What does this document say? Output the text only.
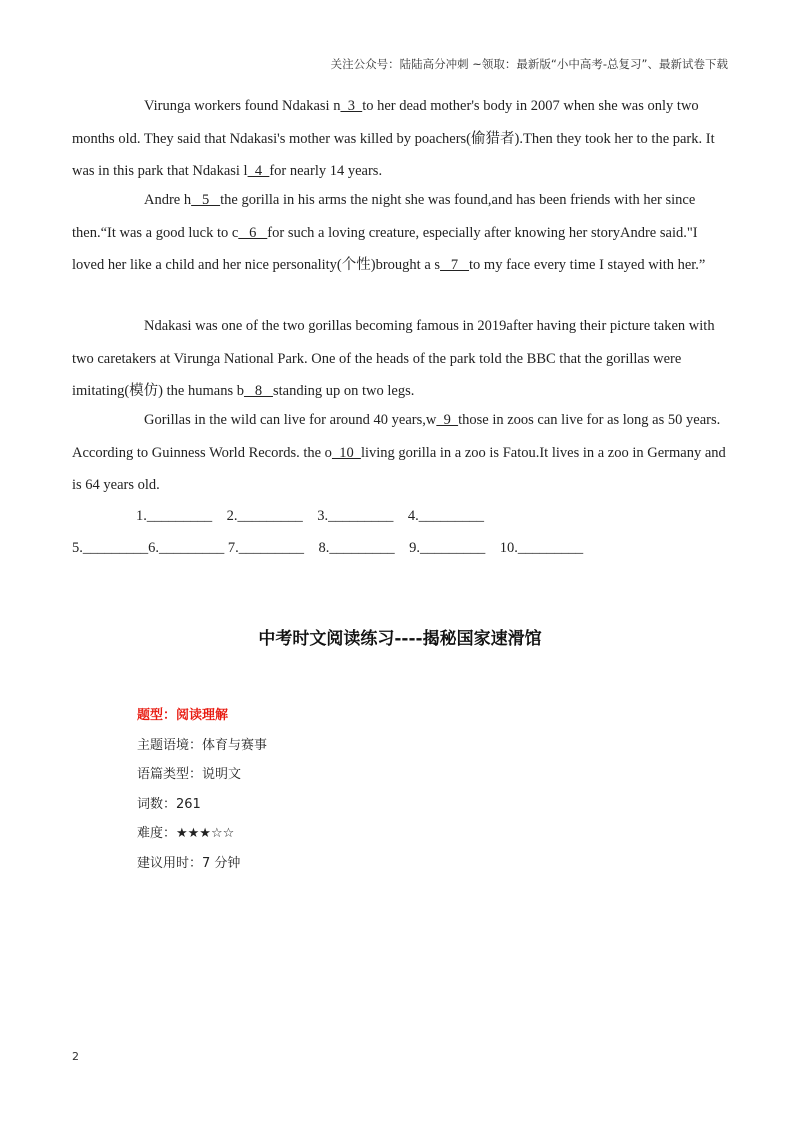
关注公众号：陆陆高分冲刺 ~领取：最新版“小中高考-总复习”、最新试卷下载

Virunga workers found Ndakasi n  3  to her dead mother's body in 2007 when she was only two months old. They said that Ndakasi's mother was killed by poachers(偷猎者).Then they took her to the park. It was in this park that Ndakasi l  4  for nearly 14 years.

Andre h   5   the gorilla in his arms the night she was found,and has been friends with her since then.“It was a good luck to c   6   for such a loving creature, especially after knowing her storyAndre said."I loved her like a child and her nice personality(个性)brought a s   7   to my face every time I stayed with her.”

Ndakasi was one of the two gorillas becoming famous in 2019after having their picture taken with two caretakers at Virunga National Park. One of the heads of the park told the BBC that the gorillas were imitating(模仿) the humans b   8   standing up on two legs.

Gorillas in the wild can live for around 40 years,w  9  those in zoos can live for as long as 50 years. According to Guinness World Records. the o  10  living gorilla in a zoo is Fatou.It lives in a zoo in Germany and is 64 years old.

1._________    2._________    3._________    4._________
5._________6._________ 7._________    8._________    9._________    10._________
中考时文阅读练习----揭秘国家速滑馆
题型：阅读理解
主题语境：体育与赛事
语篇类型：说明文
词数：261
难度：★★★☆☆
建议用时：7 分钟
2
